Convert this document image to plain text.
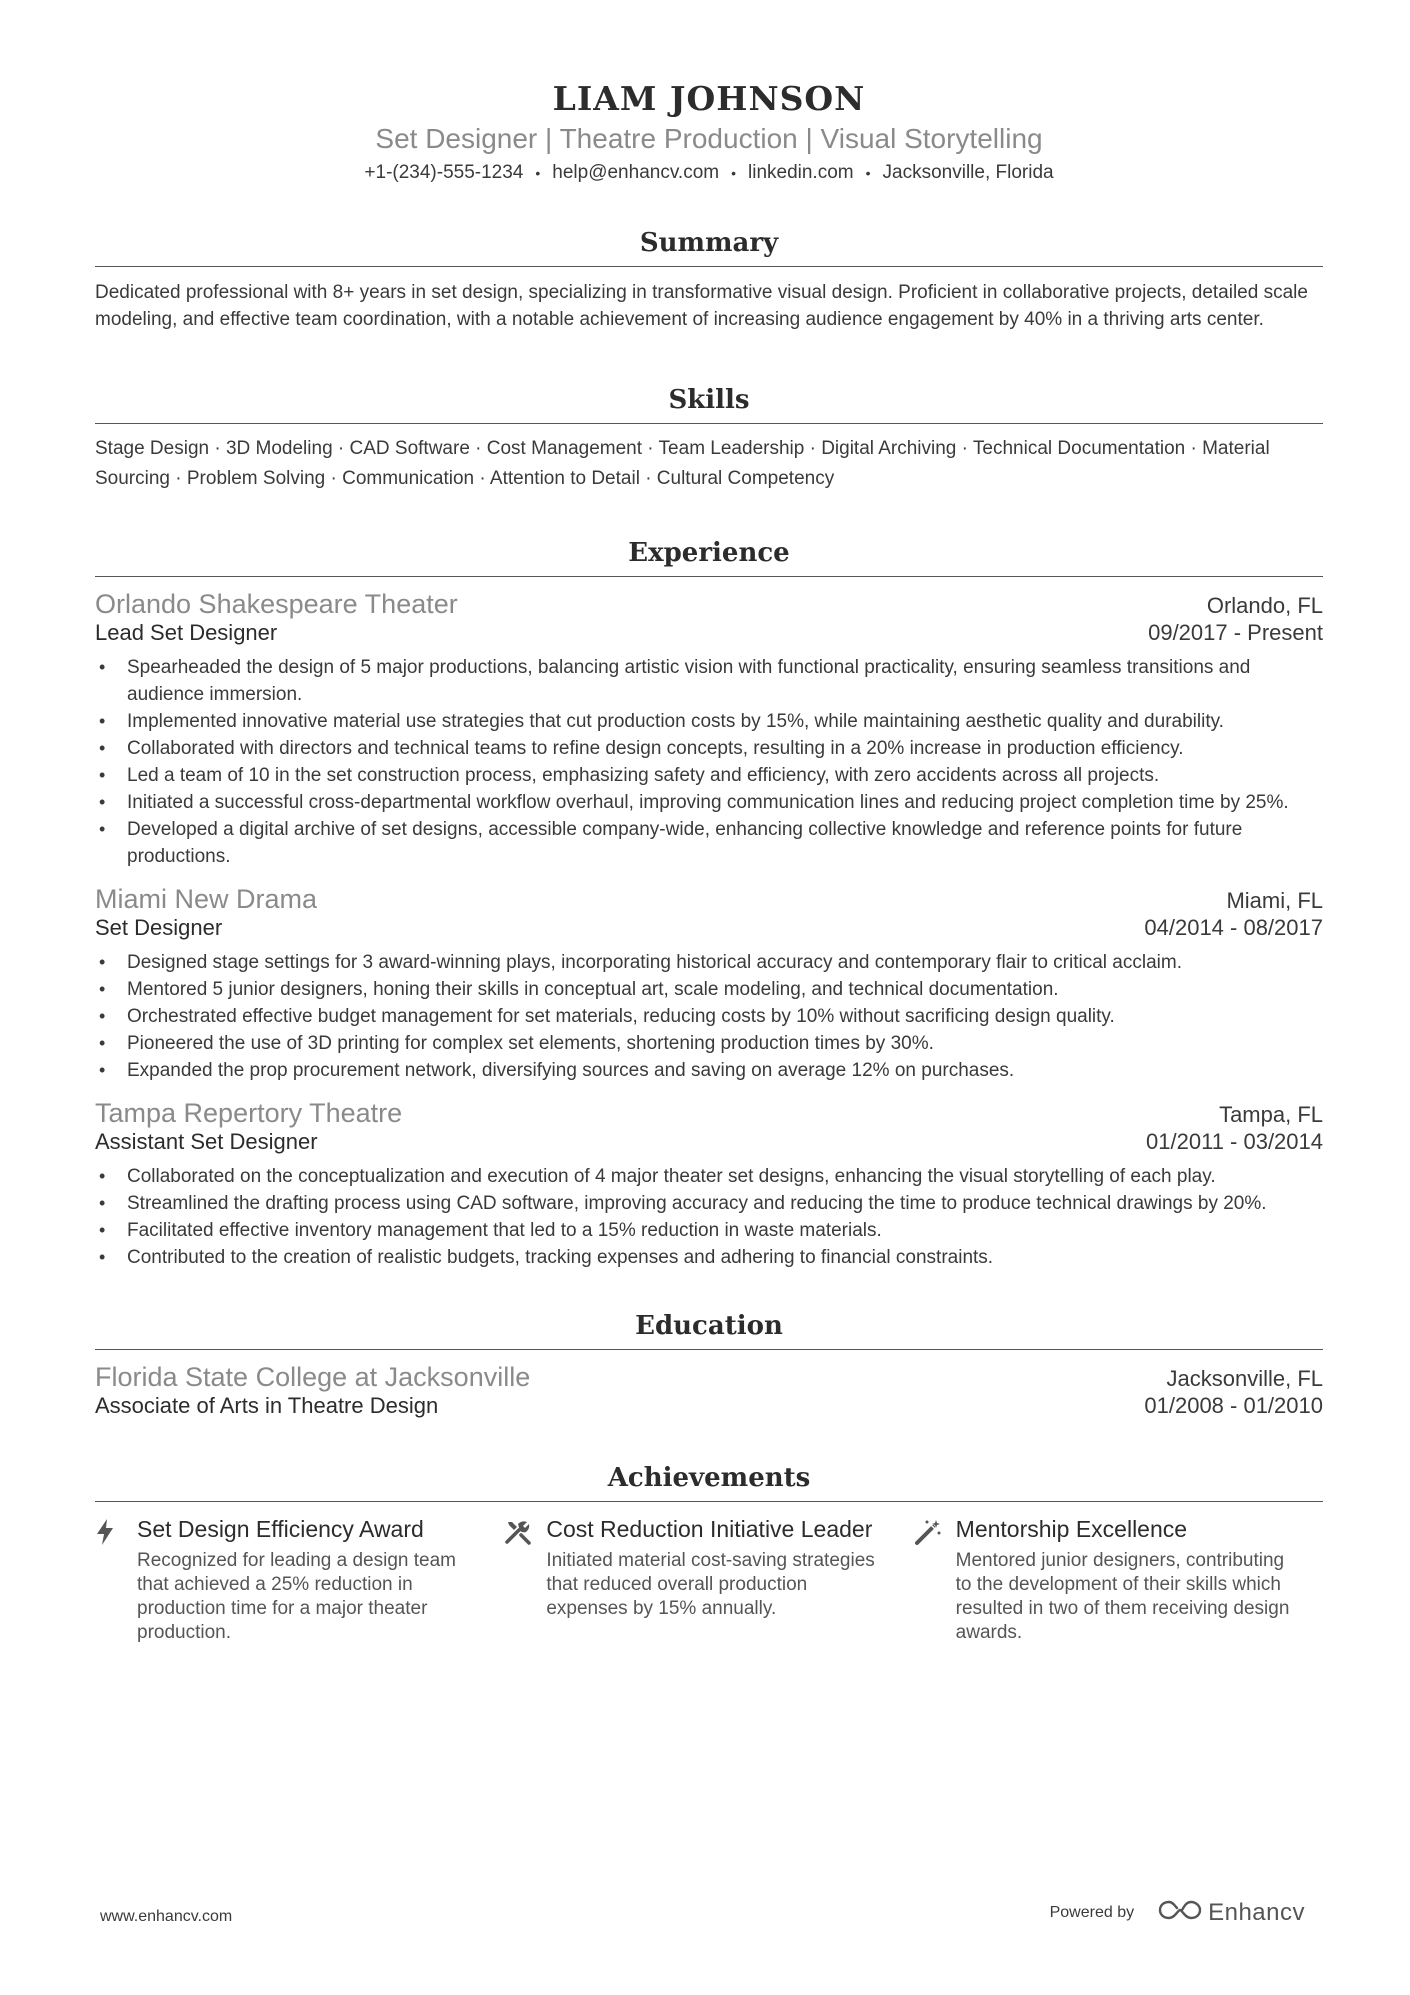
LIAM JOHNSON
Set Designer | Theatre Production | Visual Storytelling
+1-(234)-555-1234 • help@enhancv.com • linkedin.com • Jacksonville, Florida
Summary
Dedicated professional with 8+ years in set design, specializing in transformative visual design. Proficient in collaborative projects, detailed scale modeling, and effective team coordination, with a notable achievement of increasing audience engagement by 40% in a thriving arts center.
Skills
Stage Design · 3D Modeling · CAD Software · Cost Management · Team Leadership · Digital Archiving · Technical Documentation · Material Sourcing · Problem Solving · Communication · Attention to Detail · Cultural Competency
Experience
Orlando Shakespeare Theater	Orlando, FL
Lead Set Designer	09/2017 - Present
• Spearheaded the design of 5 major productions, balancing artistic vision with functional practicality, ensuring seamless transitions and audience immersion.
• Implemented innovative material use strategies that cut production costs by 15%, while maintaining aesthetic quality and durability.
• Collaborated with directors and technical teams to refine design concepts, resulting in a 20% increase in production efficiency.
• Led a team of 10 in the set construction process, emphasizing safety and efficiency, with zero accidents across all projects.
• Initiated a successful cross-departmental workflow overhaul, improving communication lines and reducing project completion time by 25%.
• Developed a digital archive of set designs, accessible company-wide, enhancing collective knowledge and reference points for future productions.
Miami New Drama	Miami, FL
Set Designer	04/2014 - 08/2017
• Designed stage settings for 3 award-winning plays, incorporating historical accuracy and contemporary flair to critical acclaim.
• Mentored 5 junior designers, honing their skills in conceptual art, scale modeling, and technical documentation.
• Orchestrated effective budget management for set materials, reducing costs by 10% without sacrificing design quality.
• Pioneered the use of 3D printing for complex set elements, shortening production times by 30%.
• Expanded the prop procurement network, diversifying sources and saving on average 12% on purchases.
Tampa Repertory Theatre	Tampa, FL
Assistant Set Designer	01/2011 - 03/2014
• Collaborated on the conceptualization and execution of 4 major theater set designs, enhancing the visual storytelling of each play.
• Streamlined the drafting process using CAD software, improving accuracy and reducing the time to produce technical drawings by 20%.
• Facilitated effective inventory management that led to a 15% reduction in waste materials.
• Contributed to the creation of realistic budgets, tracking expenses and adhering to financial constraints.
Education
Florida State College at Jacksonville	Jacksonville, FL
Associate of Arts in Theatre Design	01/2008 - 01/2010
Achievements
Set Design Efficiency Award
Recognized for leading a design team that achieved a 25% reduction in production time for a major theater production.
Cost Reduction Initiative Leader
Initiated material cost-saving strategies that reduced overall production expenses by 15% annually.
Mentorship Excellence
Mentored junior designers, contributing to the development of their skills which resulted in two of them receiving design awards.
www.enhancv.com	Powered by	Enhancv
